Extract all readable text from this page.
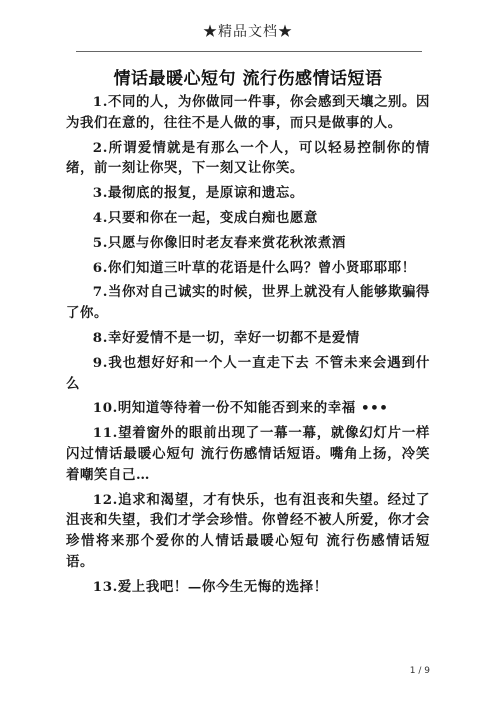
★精品文档★
情话最暖心短句 流行伤感情话短语

1.不同的人，为你做同一件事，你会感到天壤之别。因为我们在意的，往往不是人做的事，而只是做事的人。

2.所谓爱情就是有那么一个人，可以轻易控制你的情绪，前一刻让你哭，下一刻又让你笑。

3.最彻底的报复，是原谅和遗忘。

4.只要和你在一起，变成白痴也愿意

5.只愿与你像旧时老友春来赏花秋浓煮酒

6.你们知道三叶草的花语是什么吗？曾小贤耶耶耶！

7.当你对自己诚实的时候，世界上就没有人能够欺骗得了你。

8.幸好爱情不是一切，幸好一切都不是爱情

9.我也想好好和一个人一直走下去 不管未来会遇到什么

10.明知道等待着一份不知能否到来的幸福 •••

11.望着窗外的眼前出现了一幕一幕，就像幻灯片一样闪过情话最暖心短句 流行伤感情话短语。嘴角上扬，冷笑着嘲笑自己…

12.追求和渴望，才有快乐，也有沮丧和失望。经过了沮丧和失望，我们才学会珍惜。你曾经不被人所爱，你才会珍惜将来那个爱你的人情话最暖心短句 流行伤感情话短语。

13.爱上我吧！—你今生无悔的选择！

1 / 9
